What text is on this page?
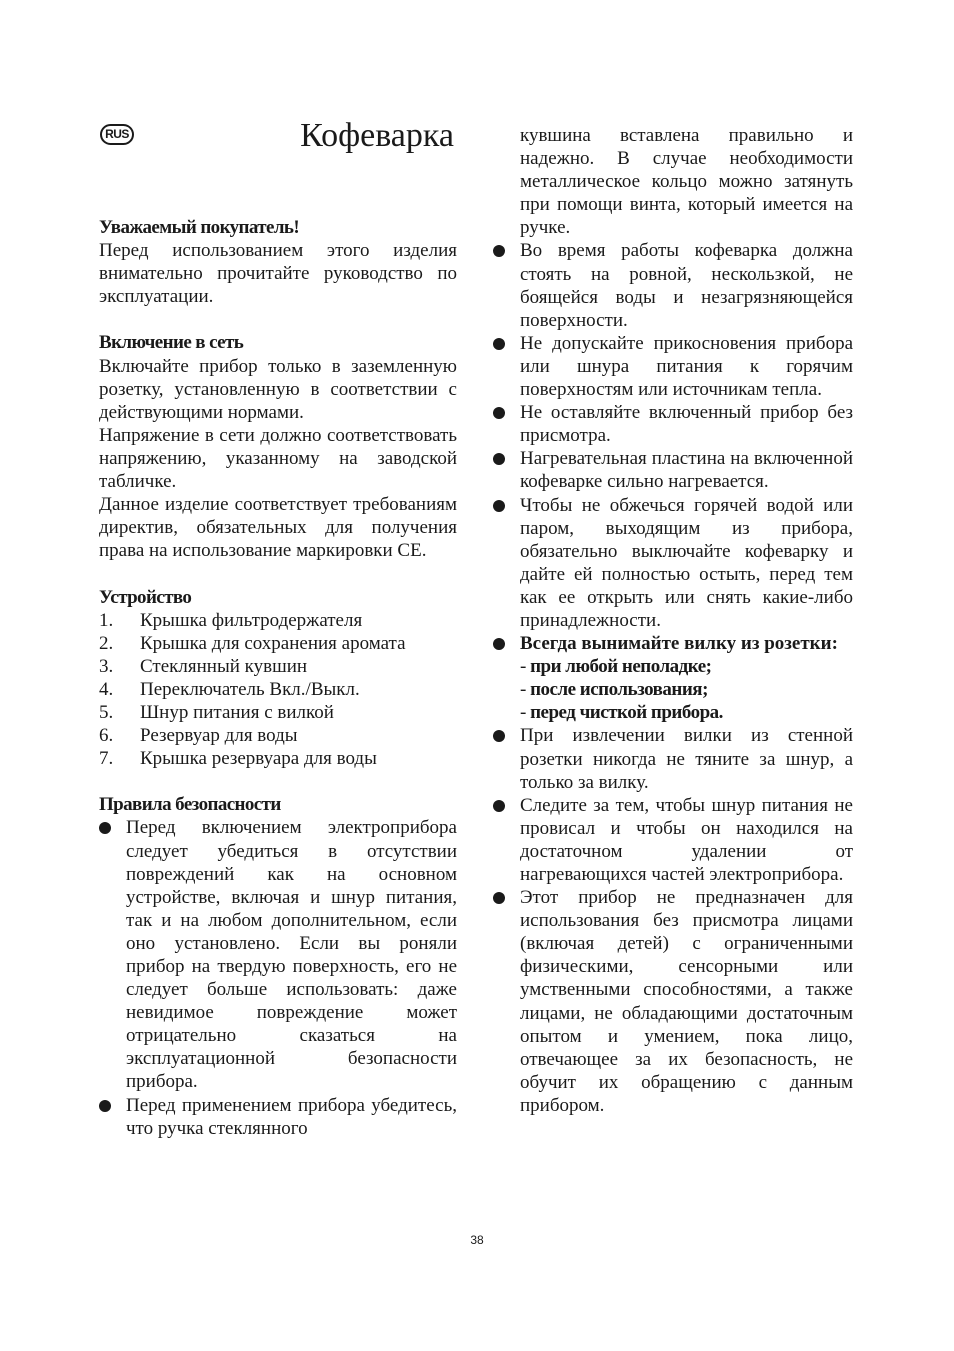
RUS	Кофеварка

Уважаемый покупатель!

Перед использованием этого изделия внимательно прочитайте руководство по эксплуатации.

Включение в сеть

Включайте прибор только в заземленную розетку, установленную в соответствии с действующими нормами.

Напряжение в сети должно соответствовать напряжению, указанному на заводской табличке.

Данное изделие соответствует требованиям директив, обязательных для получения права на использование маркировки CE.

Устройство

1. Крышка фильтродержателя
2. Крышка для сохранения аромата
3. Стеклянный кувшин
4. Переключатель Вкл./Выкл.
5. Шнур питания с вилкой
6. Резервуар для воды
7. Крышка резервуара для воды

Правила безопасности

Перед включением электроприбора следует убедиться в отсутствии повреждений как на основном устройстве, включая и шнур питания, так и на любом дополнительном, если оно установлено. Если вы роняли прибор на твердую поверхность, его не следует больше использовать: даже невидимое повреждение может отрицательно сказаться на эксплуатационной безопасности прибора.
Перед применением прибора убедитесь, что ручка стеклянного

кувшина вставлена правильно и надежно. В случае необходимости металлическое кольцо можно затянуть при помощи винта, который имеется на ручке.

Во время работы кофеварка должна стоять на ровной, нескользкой, не боящейся воды и незагрязняющейся поверхности.
Не допускайте прикосновения прибора или шнура питания к горячим поверхностям или источникам тепла.
Не оставляйте включенный прибор без присмотра.
Нагревательная пластина на включенной кофеварке сильно нагревается.
Чтобы не обжечься горячей водой или паром, выходящим из прибора, обязательно выключайте кофеварку и дайте ей полностью остыть, перед тем как ее открыть или снять какие-либо принадлежности.
Всегда вынимайте вилку из розетки:
- при любой неполадке;
- после использования;
- перед чисткой прибора.
При извлечении вилки из стенной розетки никогда не тяните за шнур, а только за вилку.
Следите за тем, чтобы шнур питания не провисал и чтобы он находился на достаточном удалении от нагревающихся частей электроприбора.
Этот прибор не предназначен для использования без присмотра лицами (включая детей) с ограниченными физическими, сенсорными или умственными способностями, а также лицами, не обладающими достаточным опытом и умением, пока лицо, отвечающее за их безопасность, не обучит их обращению с данным прибором.
38
